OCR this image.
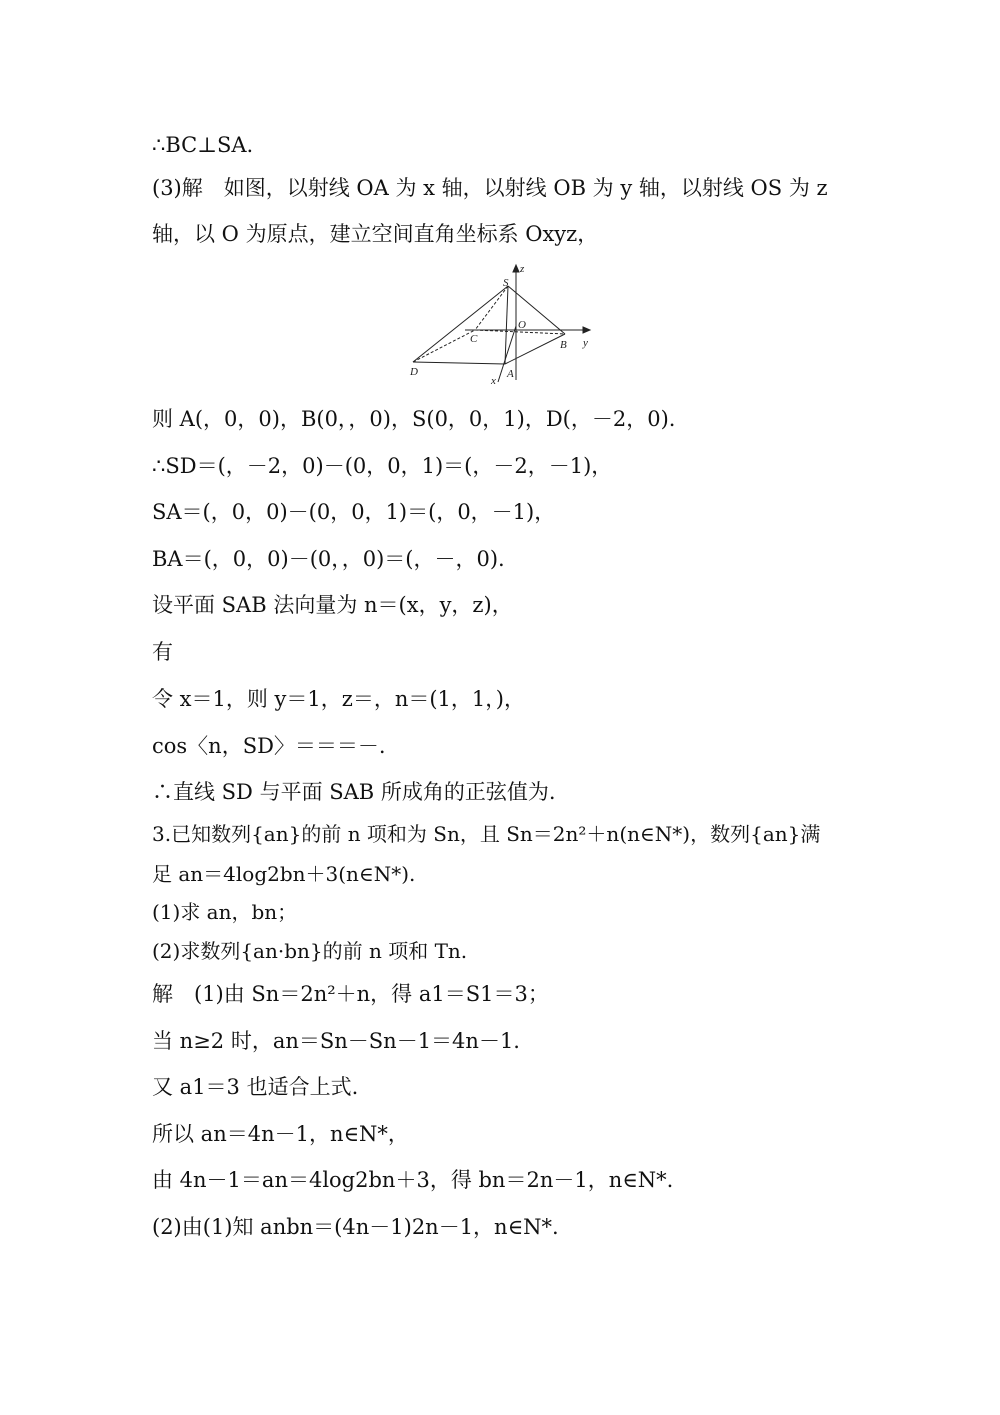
∴BC⊥SA.
(3)解　如图，以射线 OA 为 x 轴，以射线 OB 为 y 轴，以射线 OS 为 z
轴，以 O 为原点，建立空间直角坐标系 Oxyz，
z
S
O
C	B y
D
x
A
则 A(，0，0)，B(0，，0)，S(0，0，1)，D(，－2，0).
∴SD＝(，－2，0)－(0，0，1)＝(，－2，－1)，
SA＝(，0，0)－(0，0，1)＝(，0，－1)，
BA＝(，0，0)－(0，，0)＝(，－，0).
设平面 SAB 法向量为 n＝(x，y，z)，
有
令 x＝1，则 y＝1，z＝，n＝(1，1，)，
cos〈n，SD〉＝＝＝－.
∴直线 SD 与平面 SAB 所成角的正弦值为.
3.已知数列{an}的前 n 项和为 Sn，且 Sn＝2n²＋n(n∈N*)，数列{an}满
足 an＝4log2bn＋3(n∈N*).
(1)求 an，bn；
(2)求数列{an·bn}的前 n 项和 Tn.
解　(1)由 Sn＝2n²＋n，得 a1＝S1＝3；
当 n≥2 时，an＝Sn－Sn－1＝4n－1.
又 a1＝3 也适合上式.
所以 an＝4n－1，n∈N*，
由 4n－1＝an＝4log2bn＋3，得 bn＝2n－1，n∈N*.
(2)由(1)知 anbn＝(4n－1)2n－1，n∈N*.
